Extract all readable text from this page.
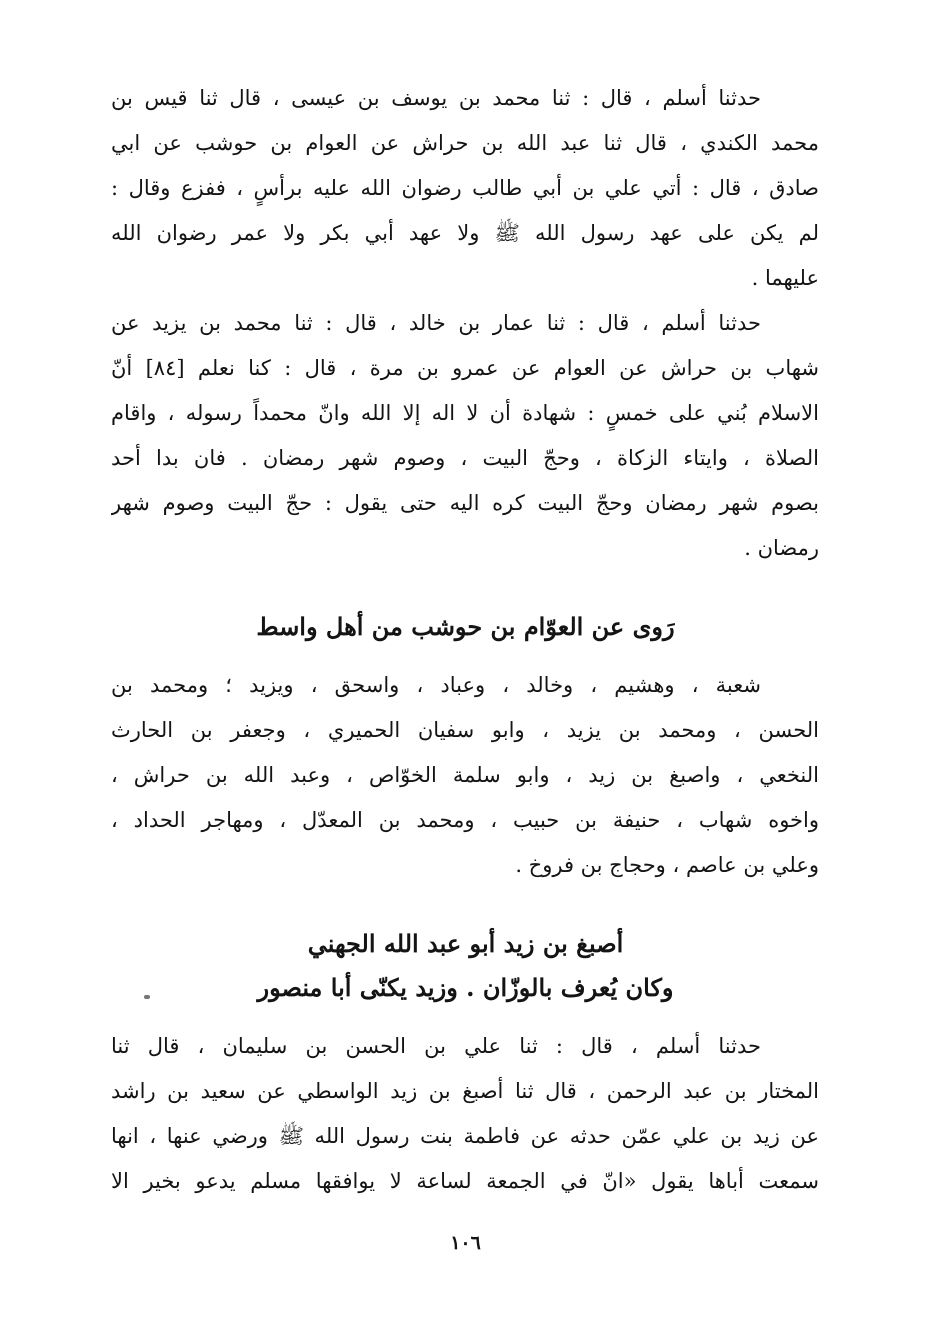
حدثنا أسلم ، قال : ثنا محمد بن يوسف بن عيسى ، قال ثنا قيس بن
محمد الكندي ، قال ثنا عبد الله بن حراش عن العوام بن حوشب عن ابي
صادق ، قال : أتي علي بن أبي طالب رضوان الله عليه برأسٍ ، ففزع وقال :
لم يكن على عهد رسول الله ﷺ ولا عهد أبي بكر ولا عمر رضوان الله
عليهما .
حدثنا أسلم ، قال : ثنا عمار بن خالد ، قال : ثنا محمد بن يزيد عن
شهاب بن حراش عن العوام عن عمرو بن مرة ، قال : كنا نعلم [٨٤] أنّ
الاسلام بُني على خمسٍ : شهادة أن لا اله إلا الله وانّ محمداً رسوله ، واقام
الصلاة ، وايتاء الزكاة ، وحجّ البيت ، وصوم شهر رمضان . فان بدا أحد
بصوم شهر رمضان وحجّ البيت كره اليه حتى يقول : حجّ البيت وصوم شهر
رمضان .
رَوى عن العوّام بن حوشب من أهل واسط
شعبة ، وهشيم ، وخالد ، وعباد ، واسحق ، ويزيد ؛ ومحمد بن
الحسن ، ومحمد بن يزيد ، وابو سفيان الحميري ، وجعفر بن الحارث
النخعي ، واصبغ بن زيد ، وابو سلمة الخوّاص ، وعبد الله بن حراش ،
واخوه شهاب ، حنيفة بن حبيب ، ومحمد بن المعدّل ، ومهاجر الحداد ،
وعلي بن عاصم ، وحجاج بن فروخ .
أصبغ بن زيد أبو عبد الله الجهني
وكان يُعرف بالوزّان . وزيد يكنّى أبا منصور
حدثنا أسلم ، قال : ثنا علي بن الحسن بن سليمان ، قال ثنا
المختار بن عبد الرحمن ، قال ثنا أصبغ بن زيد الواسطي عن سعيد بن راشد
عن زيد بن علي عمّن حدثه عن فاطمة بنت رسول الله ﷺ ورضي عنها ، انها
سمعت أباها يقول «انّ في الجمعة لساعة لا يوافقها مسلم يدعو بخير الا
١٠٦
